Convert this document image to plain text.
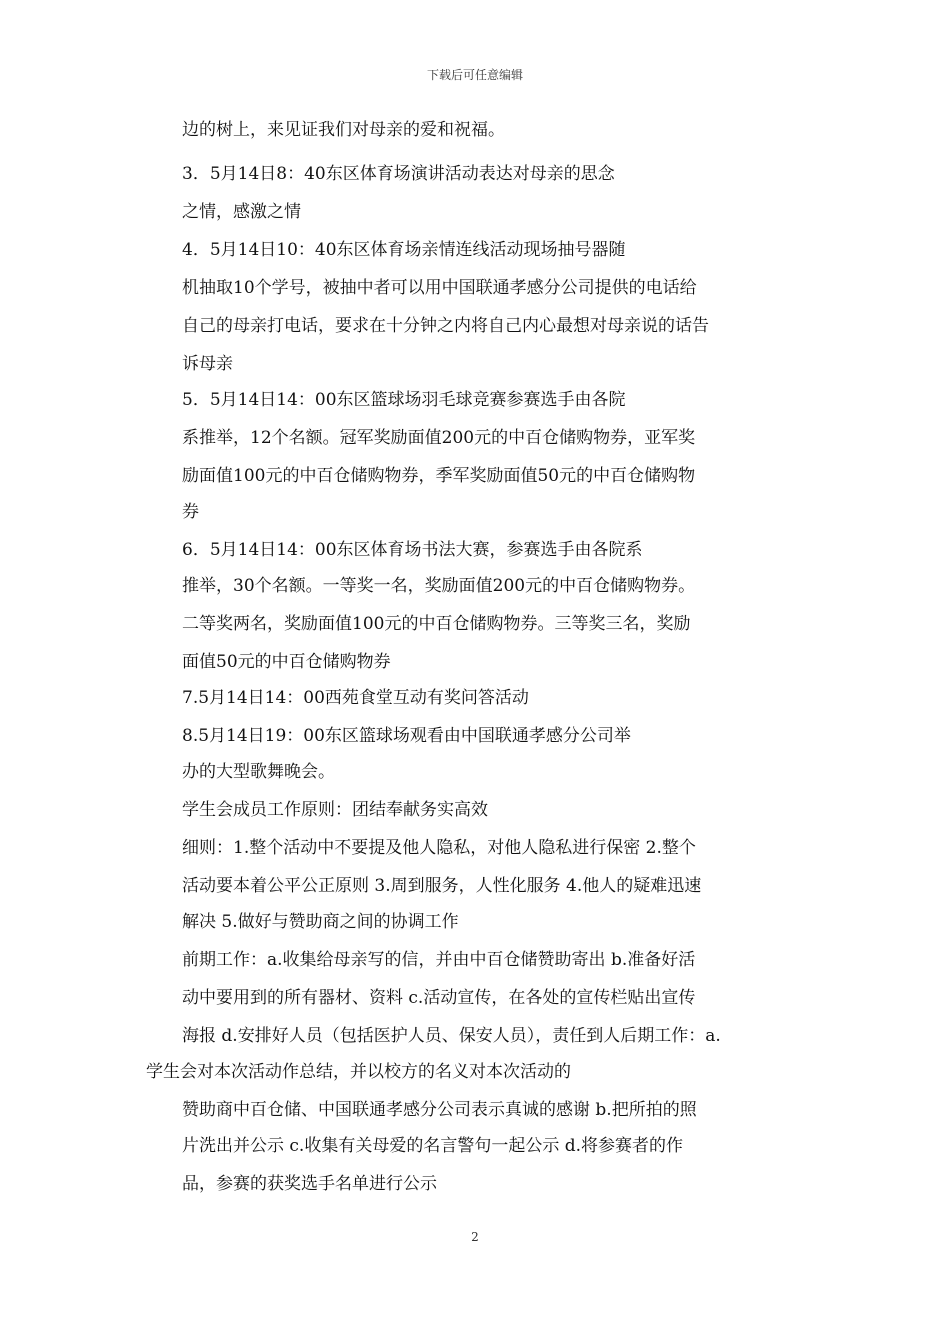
下载后可任意编辑
边的树上，来见证我们对母亲的爱和祝福。
3．5月14日8：40东区体育场演讲活动表达对母亲的思念
之情，感激之情
4．5月14日10：40东区体育场亲情连线活动现场抽号器随
机抽取10个学号，被抽中者可以用中国联通孝感分公司提供的电话给
自己的母亲打电话，要求在十分钟之内将自己内心最想对母亲说的话告
诉母亲
5．5月14日14：00东区篮球场羽毛球竞赛参赛选手由各院
系推举，12个名额。冠军奖励面值200元的中百仓储购物券，亚军奖
励面值100元的中百仓储购物券，季军奖励面值50元的中百仓储购物
券
6．5月14日14：00东区体育场书法大赛，参赛选手由各院系
推举，30个名额。一等奖一名，奖励面值200元的中百仓储购物券。
二等奖两名，奖励面值100元的中百仓储购物券。三等奖三名，奖励
面值50元的中百仓储购物券
7.5月14日14：00西苑食堂互动有奖问答活动
8.5月14日19：00东区篮球场观看由中国联通孝感分公司举
办的大型歌舞晚会。
学生会成员工作原则：团结奉献务实高效
细则：1.整个活动中不要提及他人隐私，对他人隐私进行保密 2.整个
活动要本着公平公正原则 3.周到服务，人性化服务 4.他人的疑难迅速
解决 5.做好与赞助商之间的协调工作
前期工作：a.收集给母亲写的信，并由中百仓储赞助寄出 b.准备好活
动中要用到的所有器材、资料 c.活动宣传，在各处的宣传栏贴出宣传
海报 d.安排好人员（包括医护人员、保安人员），责任到人后期工作：a.
学生会对本次活动作总结，并以校方的名义对本次活动的
赞助商中百仓储、中国联通孝感分公司表示真诚的感谢 b.把所拍的照
片洗出并公示 c.收集有关母爱的名言警句一起公示 d.将参赛者的作
品，参赛的获奖选手名单进行公示
2
